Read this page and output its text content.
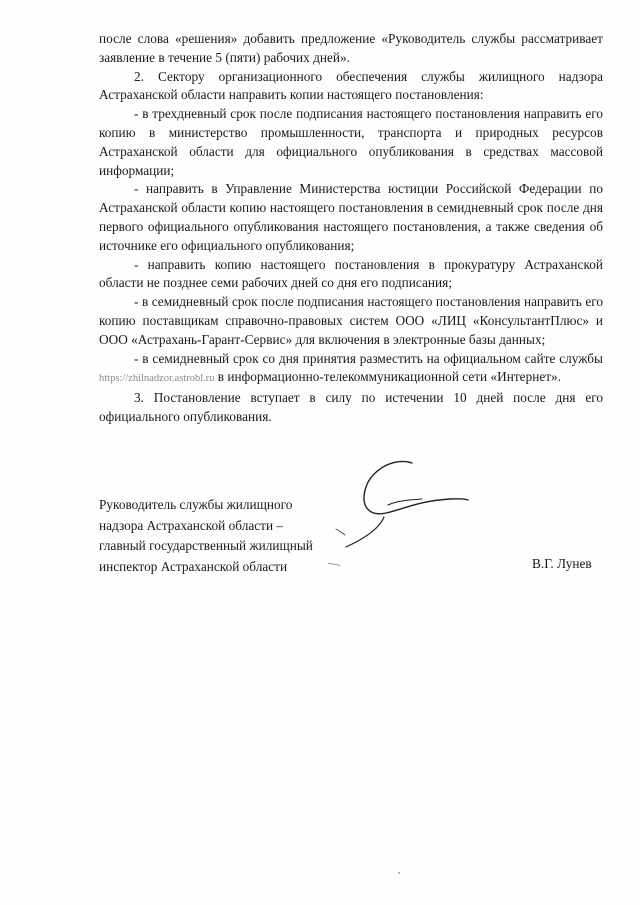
после слова «решения» добавить предложение «Руководитель службы рассматривает заявление в течение 5 (пяти) рабочих дней».

2. Сектору организационного обеспечения службы жилищного надзора Астраханской области направить копии настоящего постановления:

- в трехдневный срок после подписания настоящего постановления направить его копию в министерство промышленности, транспорта и природных ресурсов Астраханской области для официального опубликования в средствах массовой информации;

- направить в Управление Министерства юстиции Российской Федерации по Астраханской области копию настоящего постановления в семидневный срок после дня первого официального опубликования настоящего постановления, а также сведения об источнике его официального опубликования;

- направить копию настоящего постановления в прокуратуру Астраханской области не позднее семи рабочих дней со дня его подписания;

- в семидневный срок после подписания настоящего постановления направить его копию поставщикам справочно-правовых систем ООО «ЛИЦ «КонсультантПлюс» и ООО «Астрахань-Гарант-Сервис» для включения в электронные базы данных;

- в семидневный срок со дня принятия разместить на официальном сайте службы https://zhilnadzor.astrobl.ru в информационно-телекоммуникационной сети «Интернет».

3. Постановление вступает в силу по истечении 10 дней после дня его официального опубликования.

Руководитель службы жилищного
надзора Астраханской области –
главный государственный жилищный
инспектор Астраханской области	В.Г. Лунев
